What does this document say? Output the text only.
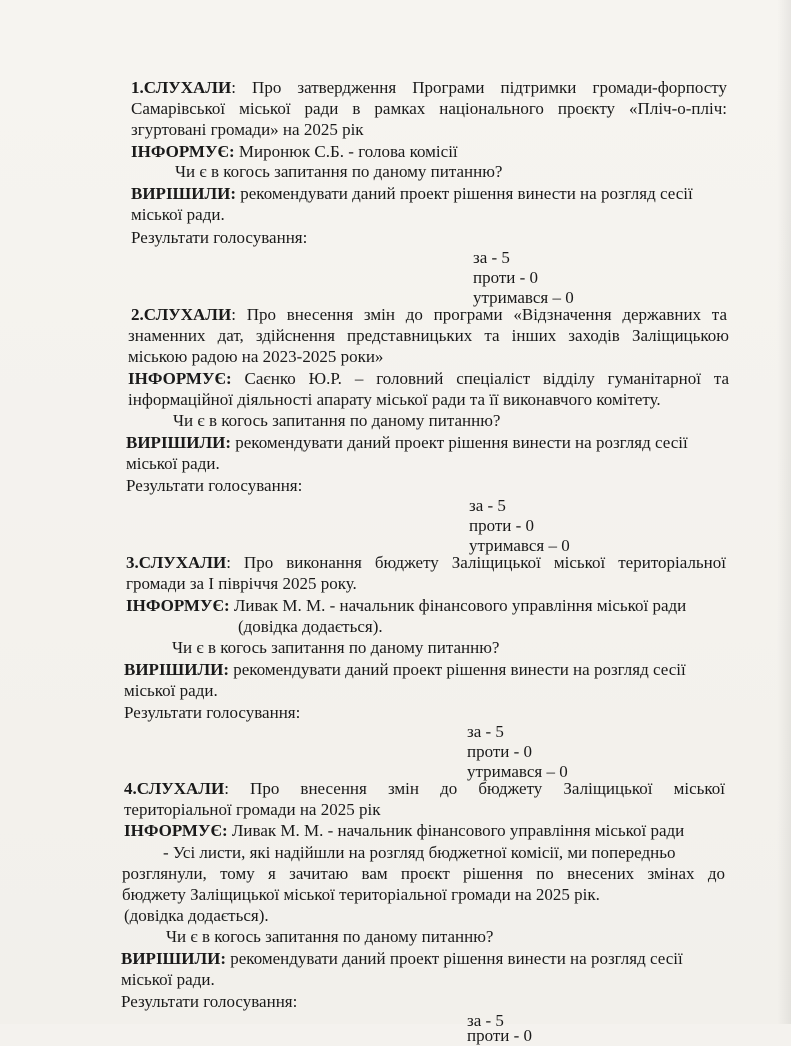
1.СЛУХАЛИ: Про затвердження Програми підтримки громади-форпосту
Самарівської міської ради в рамках національного проєкту «Пліч-о-пліч:
згуртовані громади» на 2025 рік
ІНФОРМУЄ: Миронюк С.Б. - голова комісії
Чи є в когось запитання по даному питанню?
ВИРІШИЛИ: рекомендувати даний проект рішення винести на розгляд сесії
міської ради.
Результати голосування:
за - 5
проти - 0
утримався – 0
2.СЛУХАЛИ: Про внесення змін до програми «Відзначення державних та
знаменних дат, здійснення представницьких та інших заходів Заліщицькою
міською радою на 2023-2025 роки»
ІНФОРМУЄ: Саєнко Ю.Р. – головний спеціаліст відділу гуманітарної та
інформаційної діяльності апарату міської ради та її виконавчого комітету.
Чи є в когось запитання по даному питанню?
ВИРІШИЛИ: рекомендувати даний проект рішення винести на розгляд сесії
міської ради.
Результати голосування:
за - 5
проти - 0
утримався – 0
3.СЛУХАЛИ: Про виконання бюджету Заліщицької міської територіальної
громади за І півріччя 2025 року.
ІНФОРМУЄ: Ливак М. М. - начальник фінансового управління міської ради
(довідка додається).
Чи є в когось запитання по даному питанню?
ВИРІШИЛИ: рекомендувати даний проект рішення винести на розгляд сесії
міської ради.
Результати голосування:
за - 5
проти - 0
утримався – 0
4.СЛУХАЛИ: Про внесення змін до бюджету Заліщицької міської
територіальної громади на 2025 рік
ІНФОРМУЄ: Ливак М. М. - начальник фінансового управління міської ради
- Усі листи, які надійшли на розгляд бюджетної комісії, ми попередньо
розглянули, тому я зачитаю вам проєкт рішення по внесених змінах до
бюджету Заліщицької міської територіальної громади на 2025 рік.
(довідка додається).
Чи є в когось запитання по даному питанню?
ВИРІШИЛИ: рекомендувати даний проект рішення винести на розгляд сесії
міської ради.
Результати голосування:
за - 5
проти - 0
